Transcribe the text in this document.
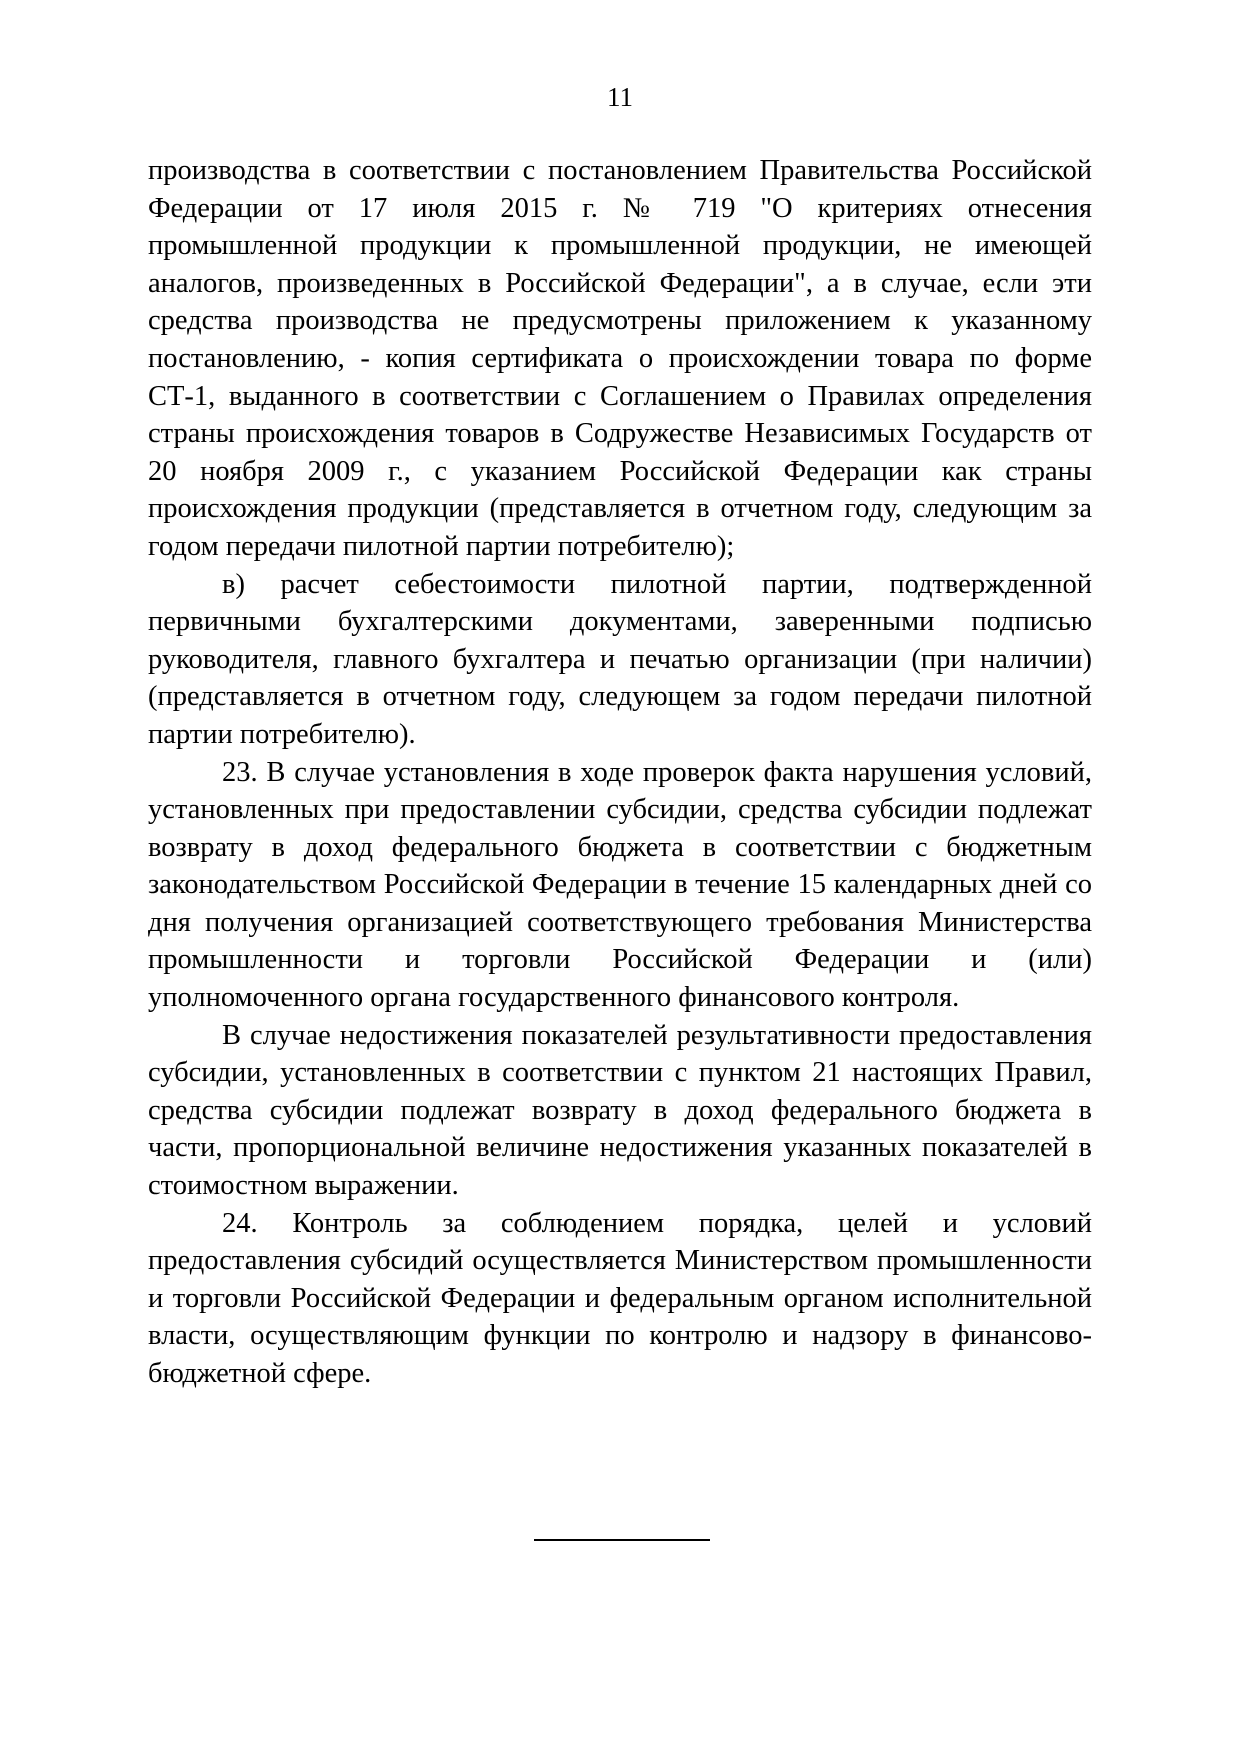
11

производства в соответствии с постановлением Правительства Российской Федерации от 17 июля 2015 г. № 719 "О критериях отнесения промышленной продукции к промышленной продукции, не имеющей аналогов, произведенных в Российской Федерации", а в случае, если эти средства производства не предусмотрены приложением к указанному постановлению, - копия сертификата о происхождении товара по форме СТ-1, выданного в соответствии с Соглашением о Правилах определения страны происхождения товаров в Содружестве Независимых Государств от 20 ноября 2009 г., с указанием Российской Федерации как страны происхождения продукции (представляется в отчетном году, следующим за годом передачи пилотной партии потребителю);

в) расчет себестоимости пилотной партии, подтвержденной первичными бухгалтерскими документами, заверенными подписью руководителя, главного бухгалтера и печатью организации (при наличии) (представляется в отчетном году, следующем за годом передачи пилотной партии потребителю).

23. В случае установления в ходе проверок факта нарушения условий, установленных при предоставлении субсидии, средства субсидии подлежат возврату в доход федерального бюджета в соответствии с бюджетным законодательством Российской Федерации в течение 15 календарных дней со дня получения организацией соответствующего требования Министерства промышленности и торговли Российской Федерации и (или) уполномоченного органа государственного финансового контроля.

В случае недостижения показателей результативности предоставления субсидии, установленных в соответствии с пунктом 21 настоящих Правил, средства субсидии подлежат возврату в доход федерального бюджета в части, пропорциональной величине недостижения указанных показателей в стоимостном выражении.

24. Контроль за соблюдением порядка, целей и условий предоставления субсидий осуществляется Министерством промышленности и торговли Российской Федерации и федеральным органом исполнительной власти, осуществляющим функции по контролю и надзору в финансово-бюджетной сфере.
